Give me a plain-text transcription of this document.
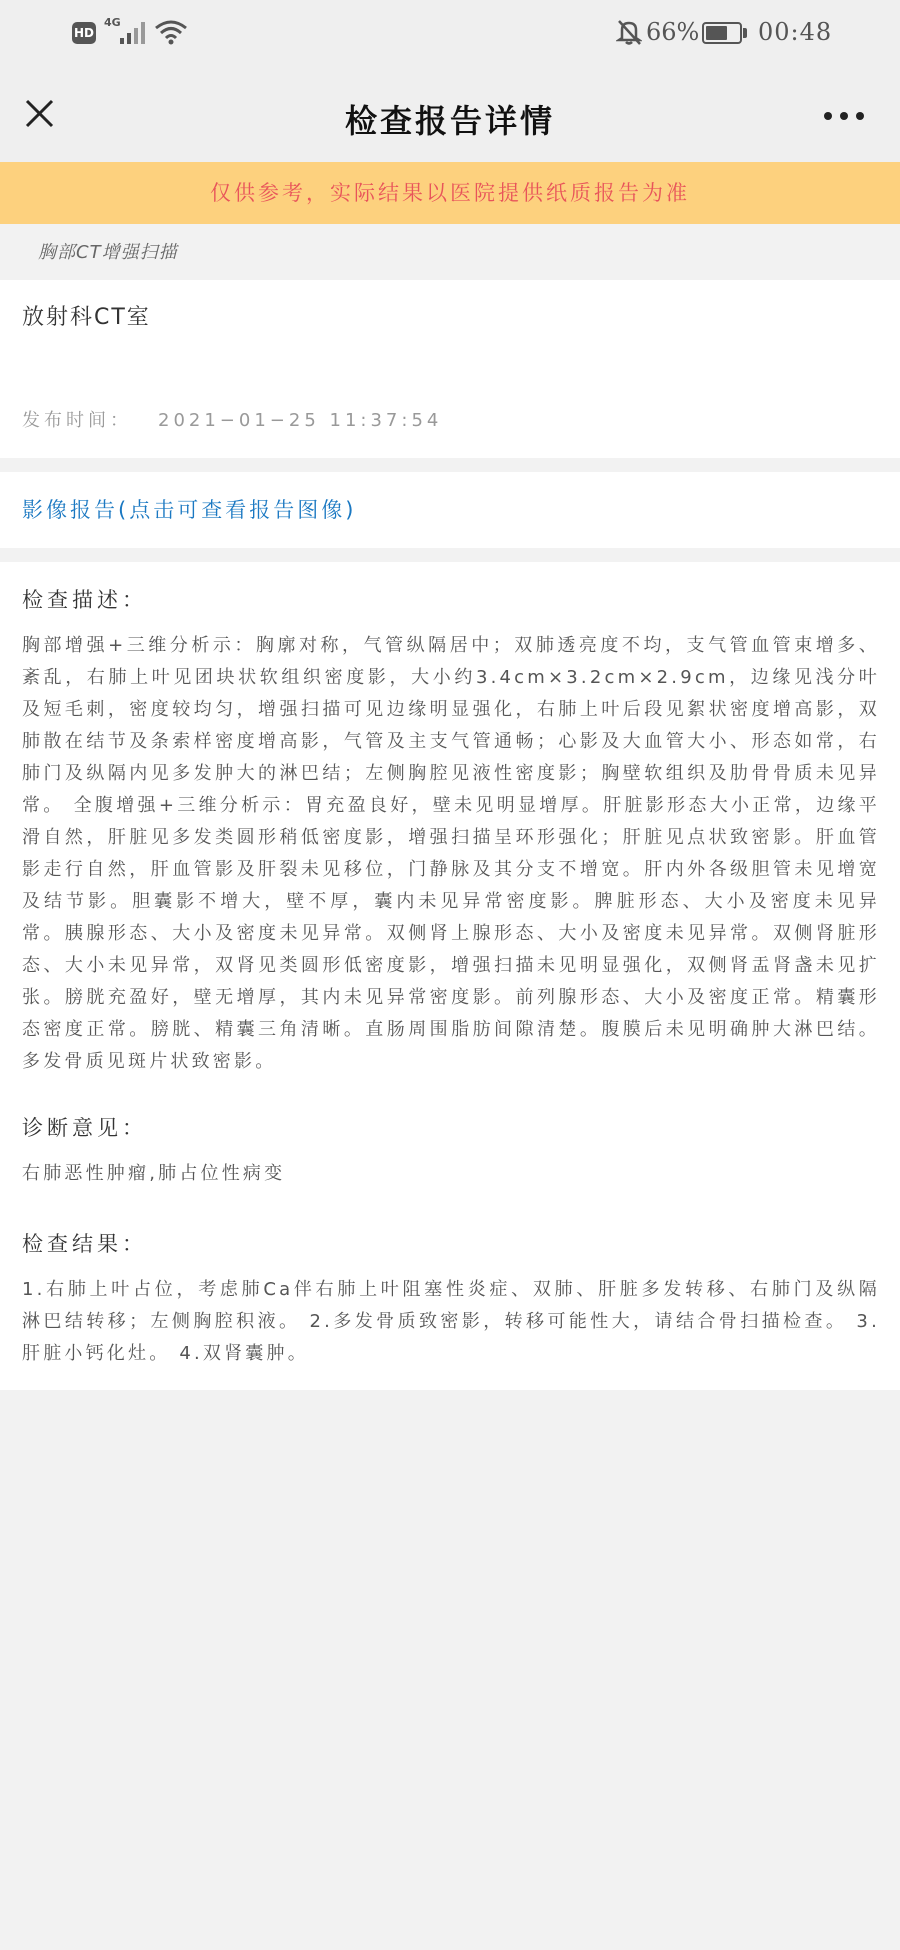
HD
4G	66% 00:48
检查报告详情
仅供参考，实际结果以医院提供纸质报告为准
胸部CT增强扫描
放射科CT室
发布时间： 2021−01−25 11:37:54
影像报告(点击可查看报告图像)
检查描述：
胸部增强+三维分析示：胸廓对称，气管纵隔居中；双肺透亮度不均，支气管血管束增多、紊乱，右肺上叶见团块状软组织密度影，大小约3.4cm×3.2cm×2.9cm，边缘见浅分叶及短毛刺，密度较均匀，增强扫描可见边缘明显强化，右肺上叶后段见絮状密度增高影，双肺散在结节及条索样密度增高影，气管及主支气管通畅；心影及大血管大小、形态如常，右肺门及纵隔内见多发肿大的淋巴结；左侧胸腔见液性密度影；胸壁软组织及肋骨骨质未见异常。 全腹增强+三维分析示：胃充盈良好，壁未见明显增厚。肝脏影形态大小正常，边缘平滑自然，肝脏见多发类圆形稍低密度影，增强扫描呈环形强化；肝脏见点状致密影。肝血管影走行自然，肝血管影及肝裂未见移位，门静脉及其分支不增宽。肝内外各级胆管未见增宽及结节影。胆囊影不增大，壁不厚，囊内未见异常密度影。脾脏形态、大小及密度未见异常。胰腺形态、大小及密度未见异常。双侧肾上腺形态、大小及密度未见异常。双侧肾脏形态、大小未见异常，双肾见类圆形低密度影，增强扫描未见明显强化，双侧肾盂肾盏未见扩张。膀胱充盈好，壁无增厚，其内未见异常密度影。前列腺形态、大小及密度正常。精囊形态密度正常。膀胱、精囊三角清晰。直肠周围脂肪间隙清楚。腹膜后未见明确肿大淋巴结。多发骨质见斑片状致密影。
诊断意见：
右肺恶性肿瘤,肺占位性病变
检查结果：
1.右肺上叶占位，考虑肺Ca伴右肺上叶阻塞性炎症、双肺、肝脏多发转移、右肺门及纵隔淋巴结转移；左侧胸腔积液。 2.多发骨质致密影，转移可能性大，请结合骨扫描检查。 3.肝脏小钙化灶。 4.双肾囊肿。
